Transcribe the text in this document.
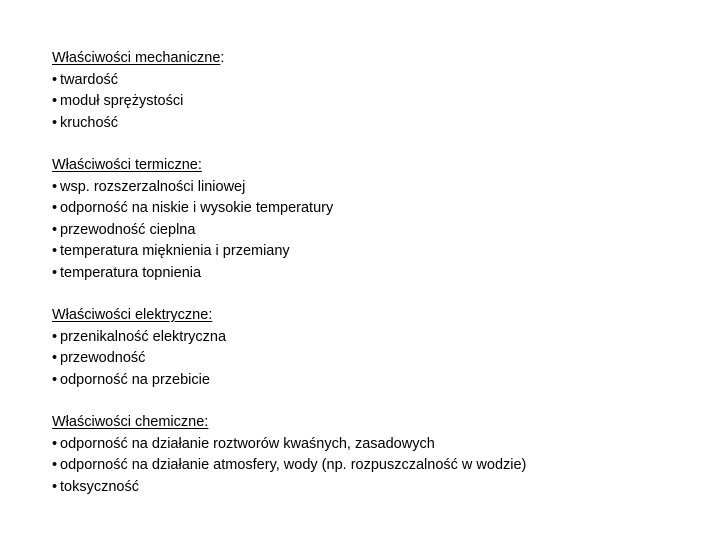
Właściwości mechaniczne:
• twardość
• moduł sprężystości
• kruchość
Właściwości termiczne:
• wsp. rozszerzalności liniowej
• odporność na niskie i wysokie temperatury
• przewodność cieplna
• temperatura mięknienia i przemiany
• temperatura topnienia
Właściwości elektryczne:
• przenikalność elektryczna
• przewodność
• odporność na przebicie
Właściwości chemiczne:
• odporność na działanie roztworów kwaśnych, zasadowych
• odporność na działanie atmosfery, wody (np. rozpuszczalność w wodzie)
• toksyczność
